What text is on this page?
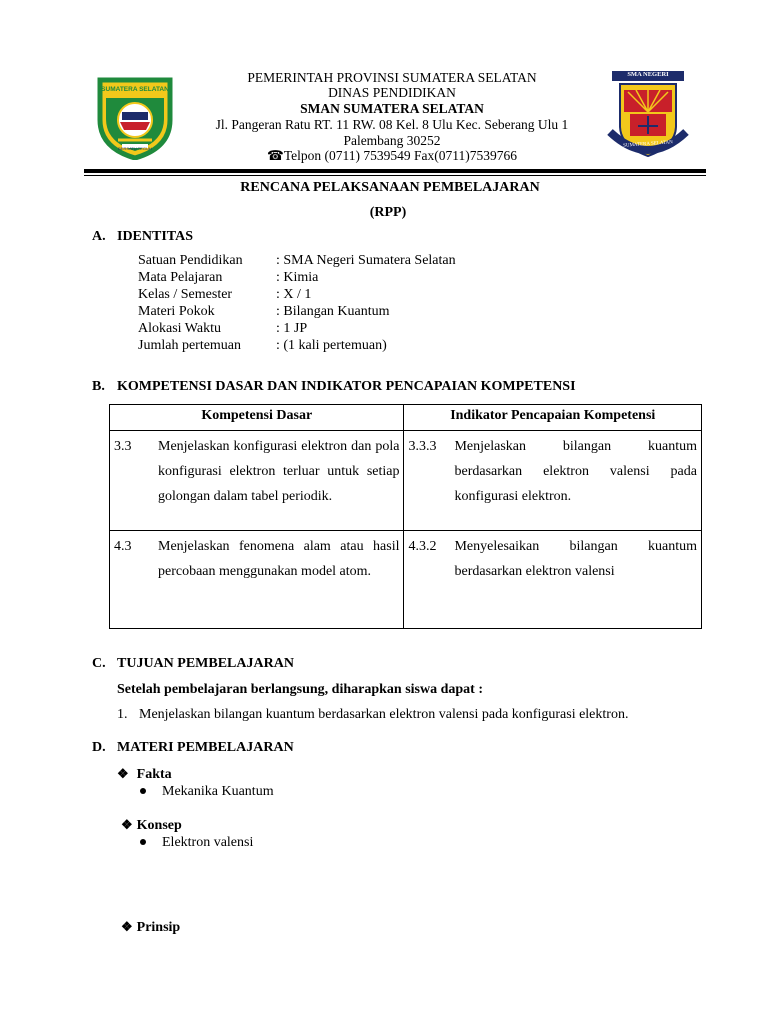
SUMATERA SELATAN
BERSATU TEGUH
SMA NEGERI
SUMATERA SELATAN
PEMERINTAH PROVINSI SUMATERA SELATAN
DINAS PENDIDIKAN
SMAN SUMATERA SELATAN
Jl. Pangeran Ratu RT. 11 RW. 08 Kel. 8 Ulu Kec. Seberang Ulu 1
Palembang 30252
☎Telpon (0711) 7539549 Fax(0711)7539766
RENCANA PELAKSANAAN PEMBELAJARAN
(RPP)
A. IDENTITAS
Satuan Pendidikan : SMA Negeri Sumatera Selatan
Mata Pelajaran	: Kimia
Kelas / Semester	: X / 1
Materi Pokok	: Bilangan Kuantum
Alokasi Waktu	: 1 JP
Jumlah pertemuan : (1 kali pertemuan)
B. KOMPETENSI DASAR DAN INDIKATOR PENCAPAIAN KOMPETENSI
Kompetensi Dasar	Indikator Pencapaian Kompetensi

3.3 Menjelaskan konfigurasi elektron dan pola konfigurasi elektron terluar untuk setiap golongan dalam tabel periodik.	3.3.3 Menjelaskan bilangan kuantum berdasarkan elektron valensi pada konfigurasi elektron.

4.3 Menjelaskan fenomena alam atau hasil percobaan menggunakan model atom.	4.3.2 Menyelesaikan bilangan kuantum berdasarkan elektron valensi
C. TUJUAN PEMBELAJARAN
Setelah pembelajaran berlangsung, diharapkan siswa dapat :
1. Menjelaskan bilangan kuantum berdasarkan elektron valensi pada konfigurasi elektron.
D. MATERI PEMBELAJARAN
❖ Fakta
Mekanika Kuantum
❖ Konsep
Elektron valensi
❖ Prinsip
